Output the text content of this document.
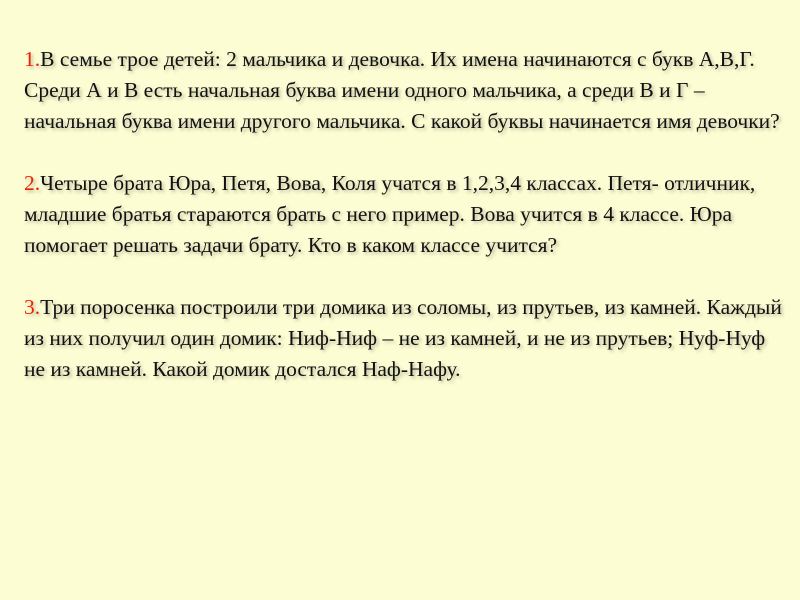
1.В семье трое детей: 2 мальчика и девочка. Их имена начинаются с букв А,В,Г. Среди А и В есть начальная буква имени одного мальчика, а среди В и Г – начальная буква имени другого мальчика. С какой буквы начинается имя девочки?

2.Четыре брата Юра, Петя, Вова, Коля учатся в 1,2,3,4 классах. Петя- отличник, младшие братья стараются брать с него пример. Вова учится в 4 классе. Юра помогает решать задачи брату. Кто в каком классе учится?

3.Три поросенка построили три домика из соломы, из прутьев, из камней. Каждый из них получил один домик: Ниф-Ниф – не из камней, и не из прутьев; Нуф-Нуф не из камней. Какой домик достался Наф-Нафу.
